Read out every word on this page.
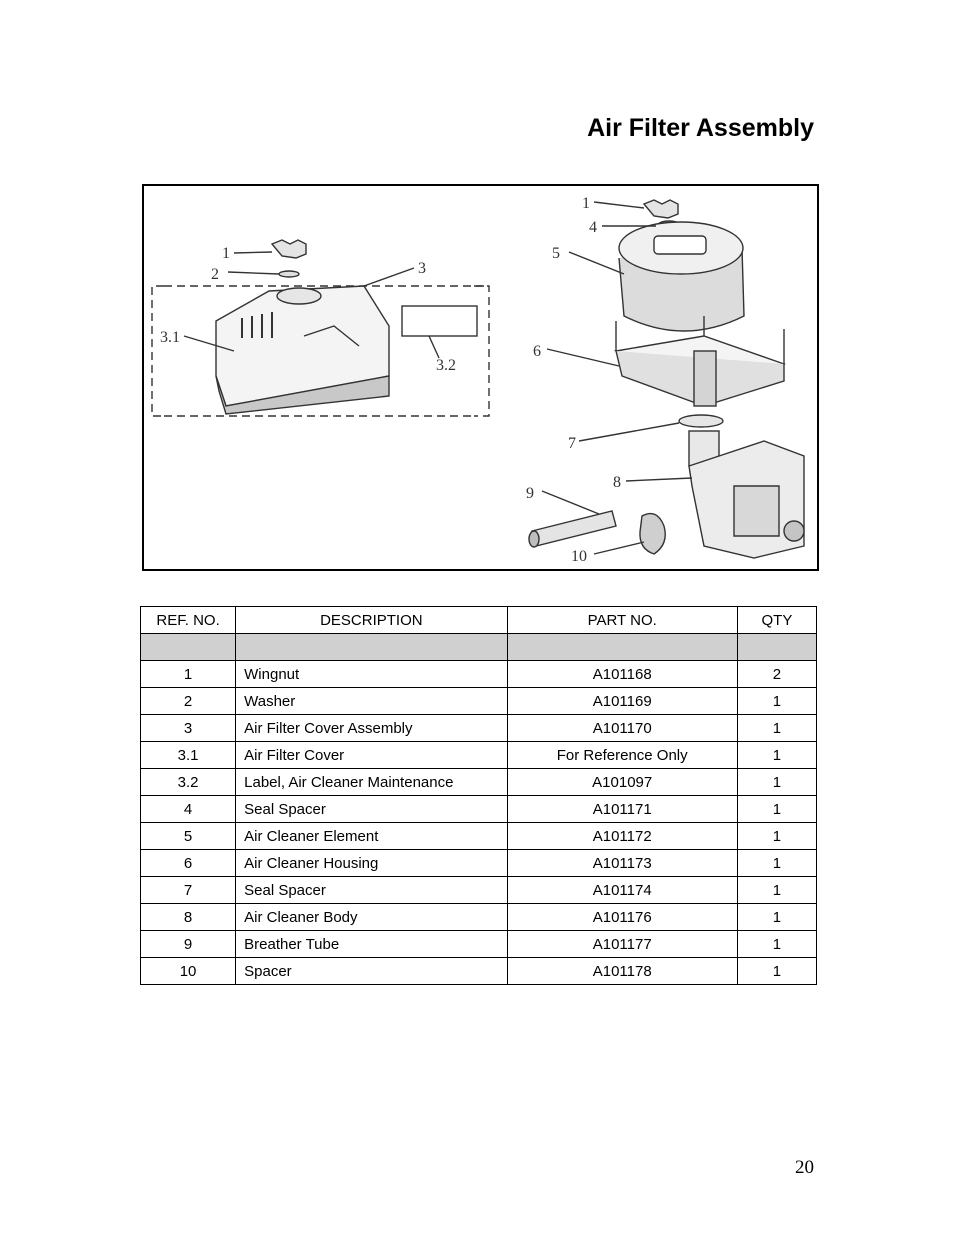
Air Filter Assembly
1
2	3
3.1
3.2
1
4
5
6
7
8
9
10
REF. NO.	DESCRIPTION	PART NO.	QTY

1	Wingnut	A101168	2
2	Washer	A101169	1
3	Air Filter Cover Assembly	A101170	1
3.1	Air Filter Cover	For Reference Only	1
3.2	Label, Air Cleaner Maintenance	A101097	1
4	Seal Spacer	A101171	1
5	Air Cleaner Element	A101172	1
6	Air Cleaner Housing	A101173	1
7	Seal Spacer	A101174	1
8	Air Cleaner Body	A101176	1
9	Breather Tube	A101177	1
10	Spacer	A101178	1
20
